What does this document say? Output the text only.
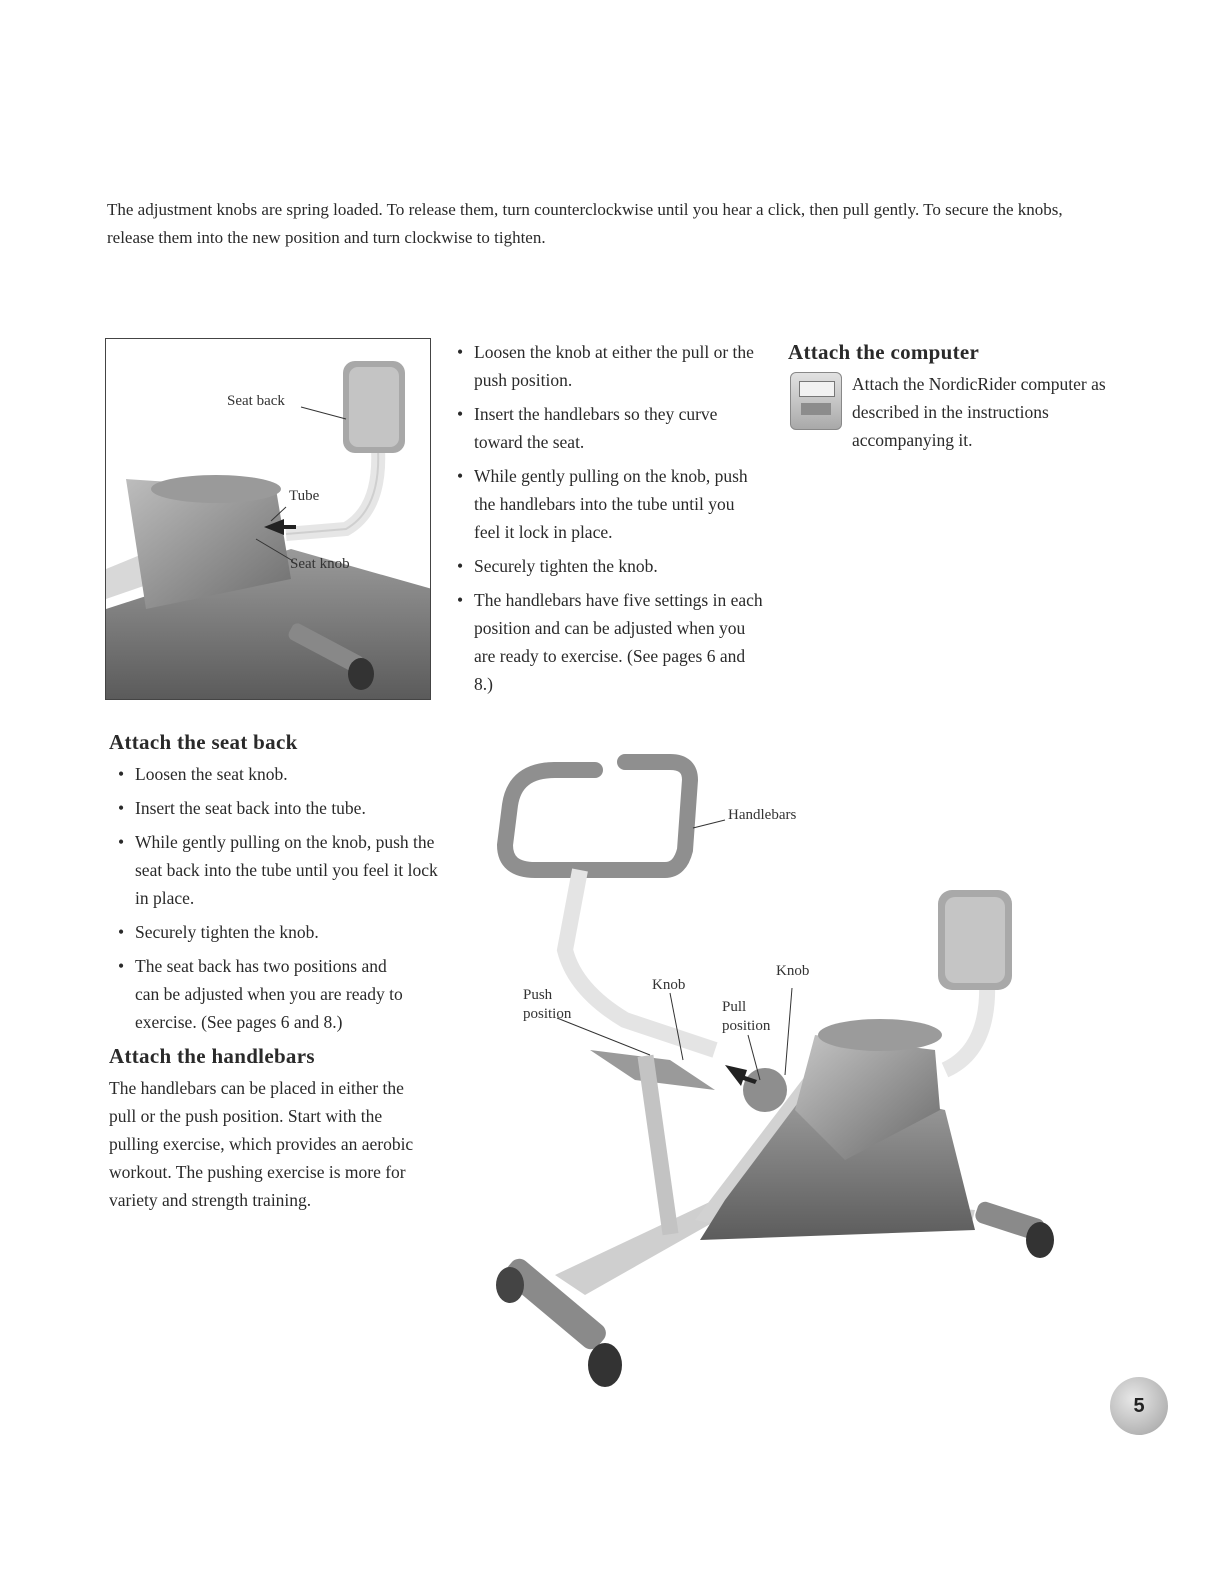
The adjustment knobs are spring loaded. To release them, turn counterclockwise until you hear a click, then pull gently. To secure the knobs, release them into the new position and turn clockwise to tighten.

Seat back
Tube
Seat knob
• Loosen the knob at either the pull or the push position.
• Insert the handlebars so they curve toward the seat.
• While gently pulling on the knob, push the handlebars into the tube until you feel it lock in place.
• Securely tighten the knob.
• The handlebars have five settings in each position and can be adjusted when you are ready to exercise. (See pages 6 and 8.)
Attach the computer
Attach the NordicRider computer as described in the instructions accompanying it.
Attach the seat back
• Loosen the seat knob.
• Insert the seat back into the tube.
• While gently pulling on the knob, push the seat back into the tube until you feel it lock in place.
• Securely tighten the knob.
• The seat back has two positions and can be adjusted when you are ready to exercise. (See pages 6 and 8.)
Attach the handlebars
The handlebars can be placed in either the pull or the push position. Start with the pulling exercise, which provides an aerobic workout. The pushing exercise is more for variety and strength training.
Handlebars
Push
position
Knob
Knob
Pull
position
5
